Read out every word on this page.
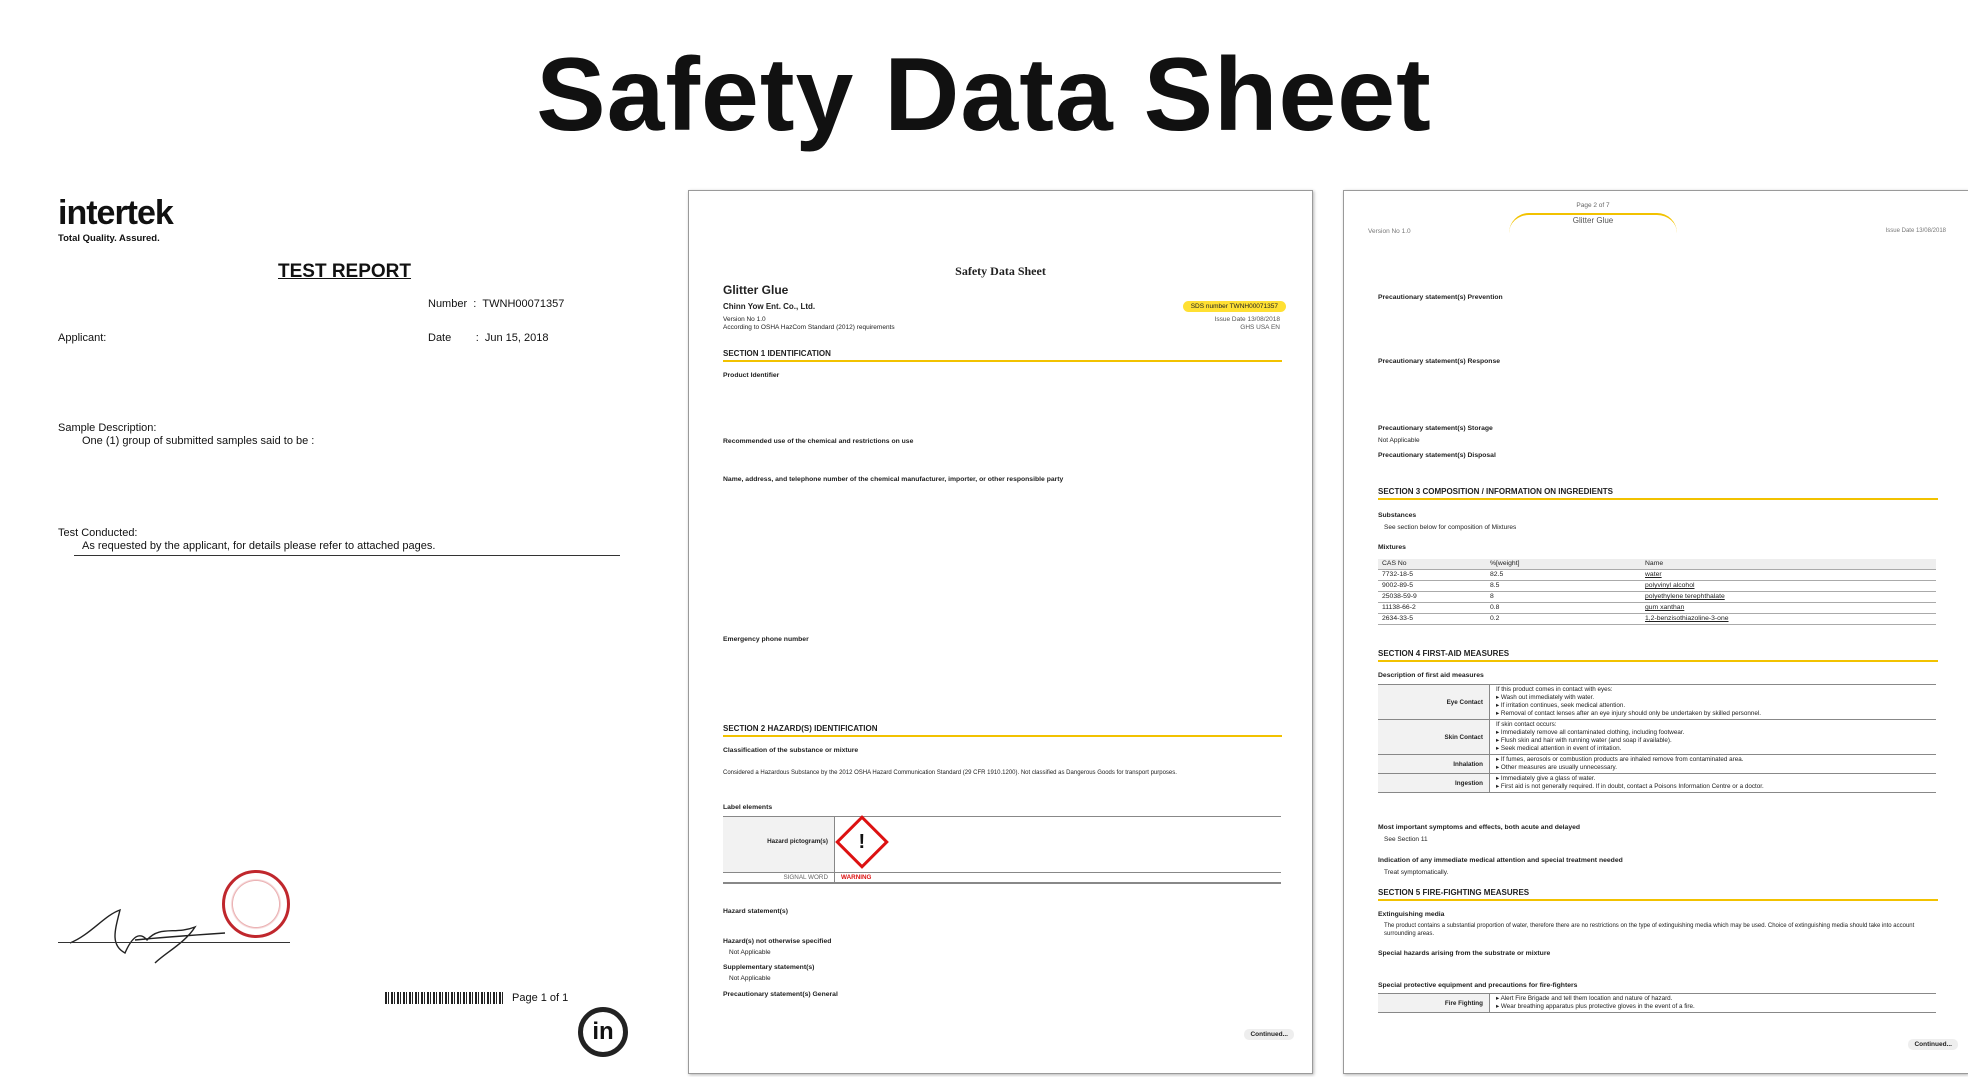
Safety Data Sheet
intertek
Total Quality. Assured.
TEST REPORT
Number  :  TWNH00071357
Applicant:	Date        :  Jun 15, 2018
Sample Description:
One (1) group of submitted samples said to be :
Test Conducted:
As requested by the applicant, for details please refer to attached pages.
Page 1 of 1
in
Safety Data Sheet
Glitter Glue
Chinn Yow Ent. Co., Ltd.
Version No 1.0
According to OSHA HazCom Standard (2012) requirements
SDS number TWNH00071357
Issue Date 13/08/2018
GHS USA EN
SECTION 1 IDENTIFICATION
Product Identifier
Recommended use of the chemical and restrictions on use
Name, address, and telephone number of the chemical manufacturer, importer, or other responsible party
Emergency phone number
SECTION 2 HAZARD(S) IDENTIFICATION
Classification of the substance or mixture
Considered a Hazardous Substance by the 2012 OSHA Hazard Communication Standard (29 CFR 1910.1200). Not classified as Dangerous Goods for transport purposes.
Label elements
Hazard pictogram(s)	!
SIGNAL WORD	WARNING
Hazard statement(s)
Hazard(s) not otherwise specified
Not Applicable
Supplementary statement(s)
Not Applicable
Precautionary statement(s) General
Continued...
Version No 1.0
Page 2 of 7
Glitter Glue
Issue Date 13/08/2018
Precautionary statement(s) Prevention
Precautionary statement(s) Response
Precautionary statement(s) Storage
Not Applicable
Precautionary statement(s) Disposal
SECTION 3 COMPOSITION / INFORMATION ON INGREDIENTS
Substances
See section below for composition of Mixtures
Mixtures
CAS No	%[weight]	Name
7732-18-5	82.5	water
9002-89-5	8.5	polyvinyl alcohol
25038-59-9	8	polyethylene terephthalate
11138-66-2	0.8	gum xanthan
2634-33-5	0.2	1,2-benzisothiazoline-3-one
SECTION 4 FIRST-AID MEASURES
Description of first aid measures
Eye Contact
If this product comes in contact with eyes:
▸ Wash out immediately with water.
▸ If irritation continues, seek medical attention.
▸ Removal of contact lenses after an eye injury should only be undertaken by skilled personnel.
Skin Contact
If skin contact occurs:
▸ Immediately remove all contaminated clothing, including footwear.
▸ Flush skin and hair with running water (and soap if available).
▸ Seek medical attention in event of irritation.
Inhalation
▸ If fumes, aerosols or combustion products are inhaled remove from contaminated area.
▸ Other measures are usually unnecessary.
Ingestion
▸ Immediately give a glass of water.
▸ First aid is not generally required. If in doubt, contact a Poisons Information Centre or a doctor.
Most important symptoms and effects, both acute and delayed
See Section 11
Indication of any immediate medical attention and special treatment needed
Treat symptomatically.
SECTION 5 FIRE-FIGHTING MEASURES
Extinguishing media
The product contains a substantial proportion of water, therefore there are no restrictions on the type of extinguishing media which may be used. Choice of extinguishing media should take into account surrounding areas.
Special hazards arising from the substrate or mixture
Special protective equipment and precautions for fire-fighters
Fire Fighting
▸ Alert Fire Brigade and tell them location and nature of hazard.
▸ Wear breathing apparatus plus protective gloves in the event of a fire.
Continued...
